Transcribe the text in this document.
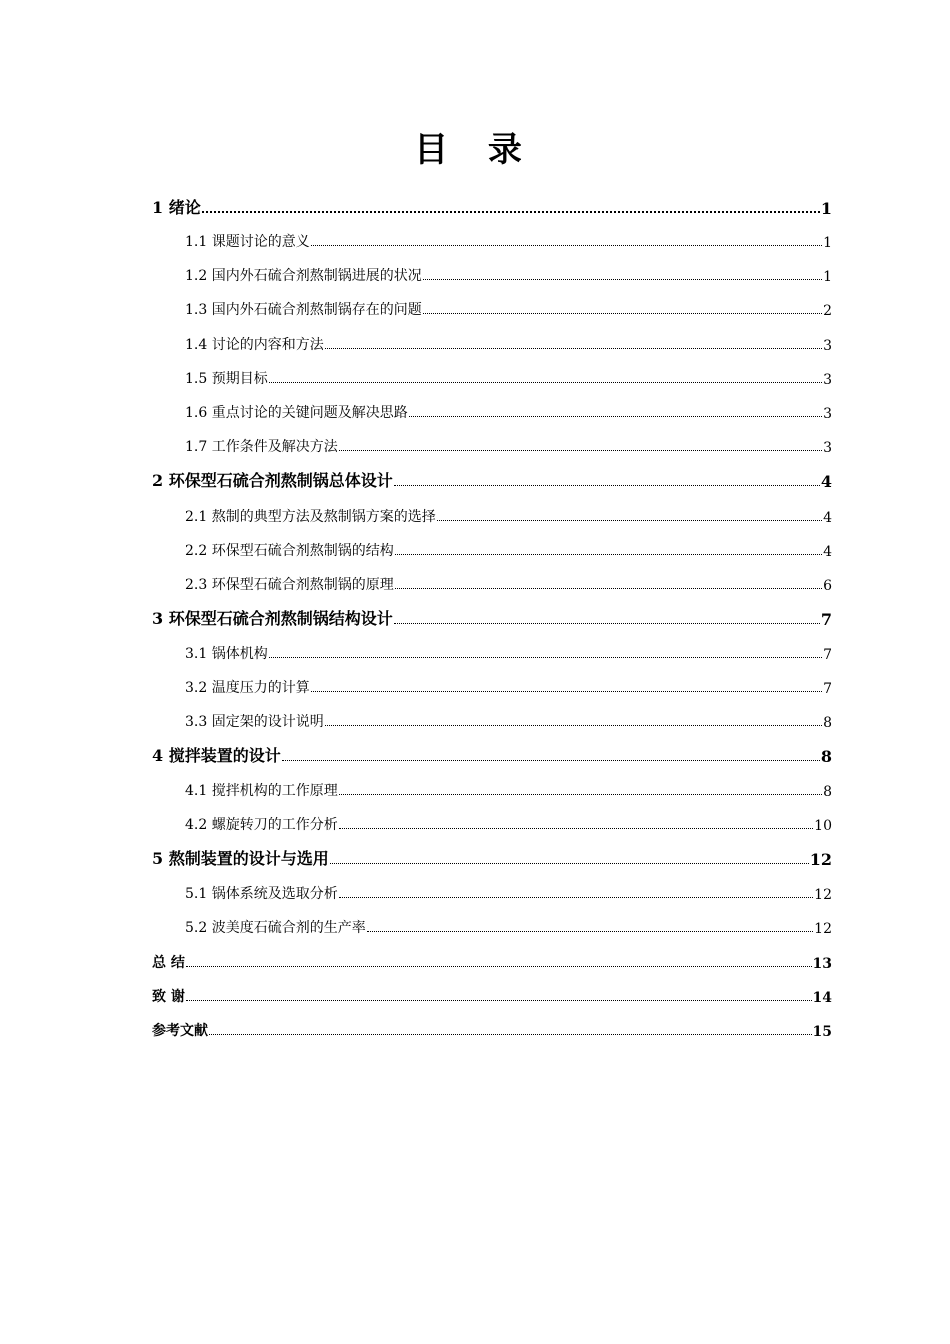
目 录
1 绪论	1
1.1 课题讨论的意义	1
1.2 国内外石硫合剂熬制锅进展的状况	1
1.3 国内外石硫合剂熬制锅存在的问题	2
1.4 讨论的内容和方法	3
1.5 预期目标	3
1.6 重点讨论的关键问题及解决思路	3
1.7 工作条件及解决方法	3
2 环保型石硫合剂熬制锅总体设计	4
2.1 熬制的典型方法及熬制锅方案的选择	4
2.2 环保型石硫合剂熬制锅的结构	4
2.3 环保型石硫合剂熬制锅的原理	6
3 环保型石硫合剂熬制锅结构设计	7
3.1 锅体机构	7
3.2 温度压力的计算	7
3.3 固定架的设计说明	8
4 搅拌装置的设计	8
4.1 搅拌机构的工作原理	8
4.2 螺旋转刀的工作分析	10
5 熬制装置的设计与选用	12
5.1 锅体系统及选取分析	12
5.2 波美度石硫合剂的生产率	12
总 结	13
致 谢	14
参考文献	15
